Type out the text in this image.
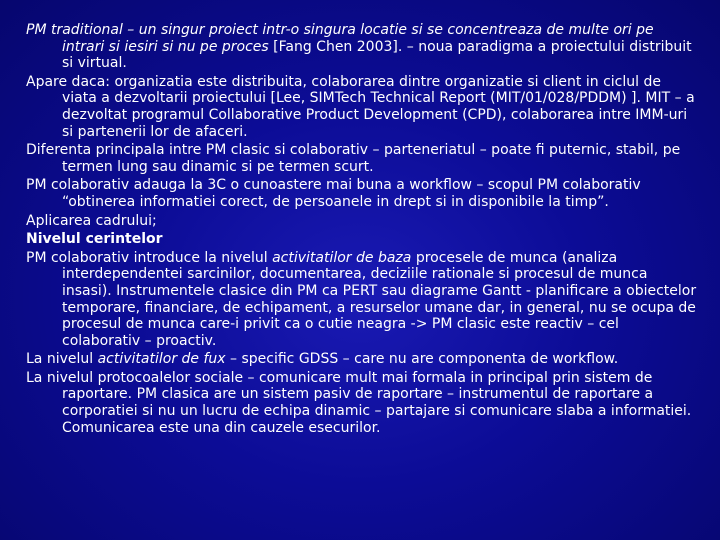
PM traditional – un singur proiect intr-o singura locatie si se concentreaza de multe ori pe intrari si iesiri si nu pe proces [Fang Chen 2003]. – noua paradigma a proiectului distribuit si virtual.

Apare daca: organizatia este distribuita, colaborarea dintre organizatie si client in ciclul de viata a dezvoltarii proiectului [Lee, SIMTech Technical Report (MIT/01/028/PDDM) ]. MIT – a dezvoltat programul Collaborative Product Development (CPD), colaborarea intre IMM-uri si partenerii lor de afaceri.

Diferenta principala intre PM clasic si colaborativ – parteneriatul – poate fi puternic, stabil, pe termen lung sau dinamic si pe termen scurt.

PM colaborativ adauga la 3C o cunoastere mai buna a workflow – scopul PM colaborativ “obtinerea informatiei corect, de persoanele in drept si in disponibile la timp”.

Aplicarea cadrului;

Nivelul cerintelor

PM colaborativ introduce la nivelul activitatilor de baza procesele de munca (analiza interdependentei sarcinilor, documentarea, deciziile rationale si procesul de munca insasi). Instrumentele clasice din PM ca PERT sau diagrame Gantt - planificare a obiectelor temporare, financiare, de echipament, a resurselor umane dar, in general, nu se ocupa de procesul de munca care-i privit ca o cutie neagra -> PM clasic este reactiv – cel colaborativ – proactiv.

La nivelul activitatilor de fux – specific GDSS – care nu are componenta de workflow.

La nivelul protocoalelor sociale – comunicare mult mai formala in principal prin sistem de raportare. PM clasica are un sistem pasiv de raportare – instrumentul de raportare a corporatiei si nu un lucru de echipa dinamic – partajare si comunicare slaba a informatiei. Comunicarea este una din cauzele esecurilor.
